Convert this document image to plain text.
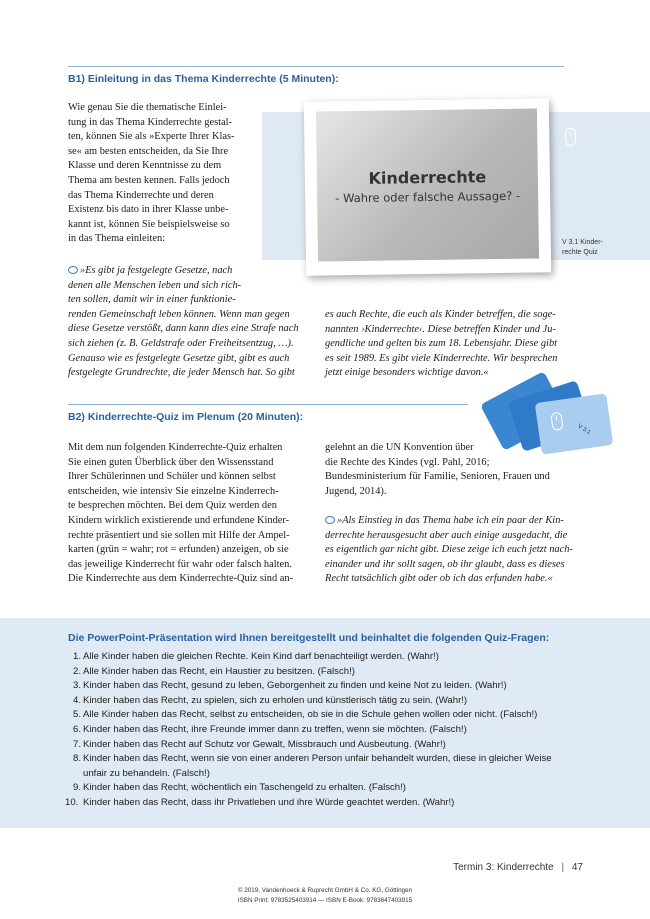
B1) Einleitung in das Thema Kinderrechte (5 Minuten):
V 3.1 Kinder-
rechte Quiz
Kinderrechte
- Wahre oder falsche Aussage? -
Wie genau Sie die thematische Einlei-
tung in das Thema Kinderrechte gestal-
ten, können Sie als »Experte Ihrer Klas-
se« am besten entscheiden, da Sie Ihre
Klasse und deren Kenntnisse zu dem
Thema am besten kennen. Falls jedoch
das Thema Kinderrechte und deren
Existenz bis dato in ihrer Klasse unbe-
kannt ist, können Sie beispielsweise so
in das Thema einleiten:
»Es gibt ja festgelegte Gesetze, nach
denen alle Menschen leben und sich rich-
ten sollen, damit wir in einer funktionie-
renden Gemeinschaft leben können. Wenn man gegen
diese Gesetze verstößt, dann kann dies eine Strafe nach
sich ziehen (z. B. Geldstrafe oder Freiheitsentzug, …).
Genauso wie es festgelegte Gesetze gibt, gibt es auch
festgelegte Grundrechte, die jeder Mensch hat. So gibt
es auch Rechte, die euch als Kinder betreffen, die soge-
nannten ›Kinderrechte‹. Diese betreffen Kinder und Ju-
gendliche und gelten bis zum 18. Lebensjahr. Diese gibt
es seit 1989. Es gibt viele Kinderrechte. Wir besprechen
jetzt einige besonders wichtige davon.«
B2) Kinderrechte-Quiz im Plenum (20 Minuten):
V 3.1
Mit dem nun folgenden Kinderrechte-Quiz erhalten
Sie einen guten Überblick über den Wissensstand
Ihrer Schülerinnen und Schüler und können selbst
entscheiden, wie intensiv Sie einzelne Kinderrech-
te besprechen möchten. Bei dem Quiz werden den
Kindern wirklich existierende und erfundene Kinder-
rechte präsentiert und sie sollen mit Hilfe der Ampel-
karten (grün = wahr; rot = erfunden) anzeigen, ob sie
das jeweilige Kinderrecht für wahr oder falsch halten.
Die Kinderrechte aus dem Kinderrechte-Quiz sind an-
gelehnt an die UN Konvention über
die Rechte des Kindes (vgl. Pahl, 2016;
Bundesministerium für Familie, Senioren, Frauen und
Jugend, 2014).
»Als Einstieg in das Thema habe ich ein paar der Kin-
derrechte herausgesucht aber auch einige ausgedacht, die
es eigentlich gar nicht gibt. Diese zeige ich euch jetzt nach-
einander und ihr sollt sagen, ob ihr glaubt, dass es dieses
Recht tatsächlich gibt oder ob ich das erfunden habe.«
Die PowerPoint-Präsentation wird Ihnen bereitgestellt und beinhaltet die folgenden Quiz-Fragen:
1. Alle Kinder haben die gleichen Rechte. Kein Kind darf benachteiligt werden. (Wahr!)
2. Alle Kinder haben das Recht, ein Haustier zu besitzen. (Falsch!)
3. Kinder haben das Recht, gesund zu leben, Geborgenheit zu finden und keine Not zu leiden. (Wahr!)
4. Kinder haben das Recht, zu spielen, sich zu erholen und künstlerisch tätig zu sein. (Wahr!)
5. Alle Kinder haben das Recht, selbst zu entscheiden, ob sie in die Schule gehen wollen oder nicht. (Falsch!)
6. Kinder haben das Recht, ihre Freunde immer dann zu treffen, wenn sie möchten. (Falsch!)
7. Kinder haben das Recht auf Schutz vor Gewalt, Missbrauch und Ausbeutung. (Wahr!)
8. Kinder haben das Recht, wenn sie von einer anderen Person unfair behandelt wurden, diese in gleicher Weise
unfair zu behandeln. (Falsch!)
9. Kinder haben das Recht, wöchentlich ein Taschengeld zu erhalten. (Falsch!)
10. Kinder haben das Recht, dass ihr Privatleben und ihre Würde geachtet werden. (Wahr!)
Termin 3: Kinderrechte | 47
© 2019, Vandenhoeck & Ruprecht GmbH & Co. KG, Göttingen
ISBN Print: 9783525403914 — ISBN E-Book: 9783647403915
